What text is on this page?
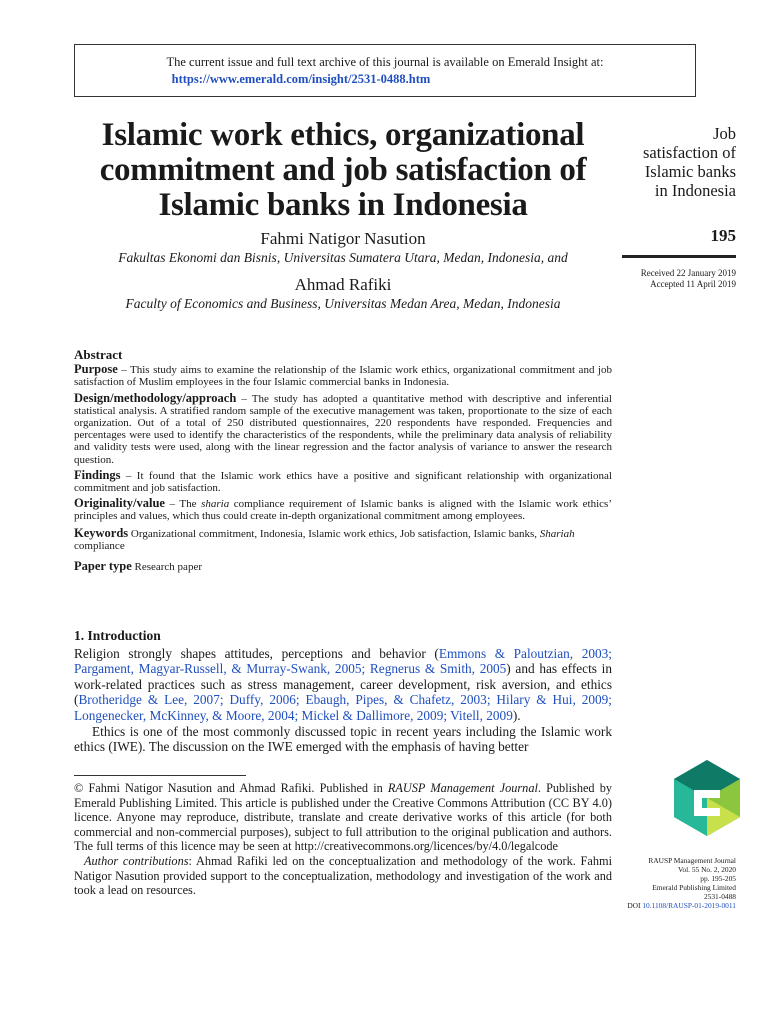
The current issue and full text archive of this journal is available on Emerald Insight at:
https://www.emerald.com/insight/2531-0488.htm
Islamic work ethics, organizational commitment and job satisfaction of Islamic banks in Indonesia
Fahmi Natigor Nasution
Fakultas Ekonomi dan Bisnis, Universitas Sumatera Utara, Medan, Indonesia, and
Ahmad Rafiki
Faculty of Economics and Business, Universitas Medan Area, Medan, Indonesia
Job
satisfaction of
Islamic banks
in Indonesia
195
Received 22 January 2019
Accepted 11 April 2019
Abstract

Purpose – This study aims to examine the relationship of the Islamic work ethics, organizational commitment and job satisfaction of Muslim employees in the four Islamic commercial banks in Indonesia.

Design/methodology/approach – The study has adopted a quantitative method with descriptive and inferential statistical analysis. A stratified random sample of the executive management was taken, proportionate to the size of each organization. Out of a total of 250 distributed questionnaires, 220 respondents have responded. Frequencies and percentages were used to identify the characteristics of the respondents, while the preliminary data analysis of reliability and validity tests were used, along with the linear regression and the factor analysis of variance to answer the research question.

Findings – It found that the Islamic work ethics have a positive and significant relationship with organizational commitment and job satisfaction.

Originality/value – The sharia compliance requirement of Islamic banks is aligned with the Islamic work ethics’ principles and values, which thus could create in-depth organizational commitment among employees.

Keywords Organizational commitment, Indonesia, Islamic work ethics, Job satisfaction, Islamic banks, Shariah compliance

Paper type Research paper

1. Introduction

Religion strongly shapes attitudes, perceptions and behavior (Emmons & Paloutzian, 2003; Pargament, Magyar-Russell, & Murray-Swank, 2005; Regnerus & Smith, 2005) and has effects in work-related practices such as stress management, career development, risk aversion, and ethics (Brotheridge & Lee, 2007; Duffy, 2006; Ebaugh, Pipes, & Chafetz, 2003; Hilary & Hui, 2009; Longenecker, McKinney, & Moore, 2004; Mickel & Dallimore, 2009; Vitell, 2009).

Ethics is one of the most commonly discussed topic in recent years including the Islamic work ethics (IWE). The discussion on the IWE emerged with the emphasis of having better

© Fahmi Natigor Nasution and Ahmad Rafiki. Published in RAUSP Management Journal. Published by Emerald Publishing Limited. This article is published under the Creative Commons Attribution (CC BY 4.0) licence. Anyone may reproduce, distribute, translate and create derivative works of this article (for both commercial and non-commercial purposes), subject to full attribution to the original publication and authors. The full terms of this licence may be seen at http://creativecommons.org/licences/by/4.0/legalcode

Author contributions: Ahmad Rafiki led on the conceptualization and methodology of the work. Fahmi Natigor Nasution provided support to the conceptualization, methodology and investigation of the work and took a lead on resources.

RAUSP Management Journal
Vol. 55 No. 2, 2020
pp. 195-205
Emerald Publishing Limited
2531-0488
DOI 10.1108/RAUSP-01-2019-0011
